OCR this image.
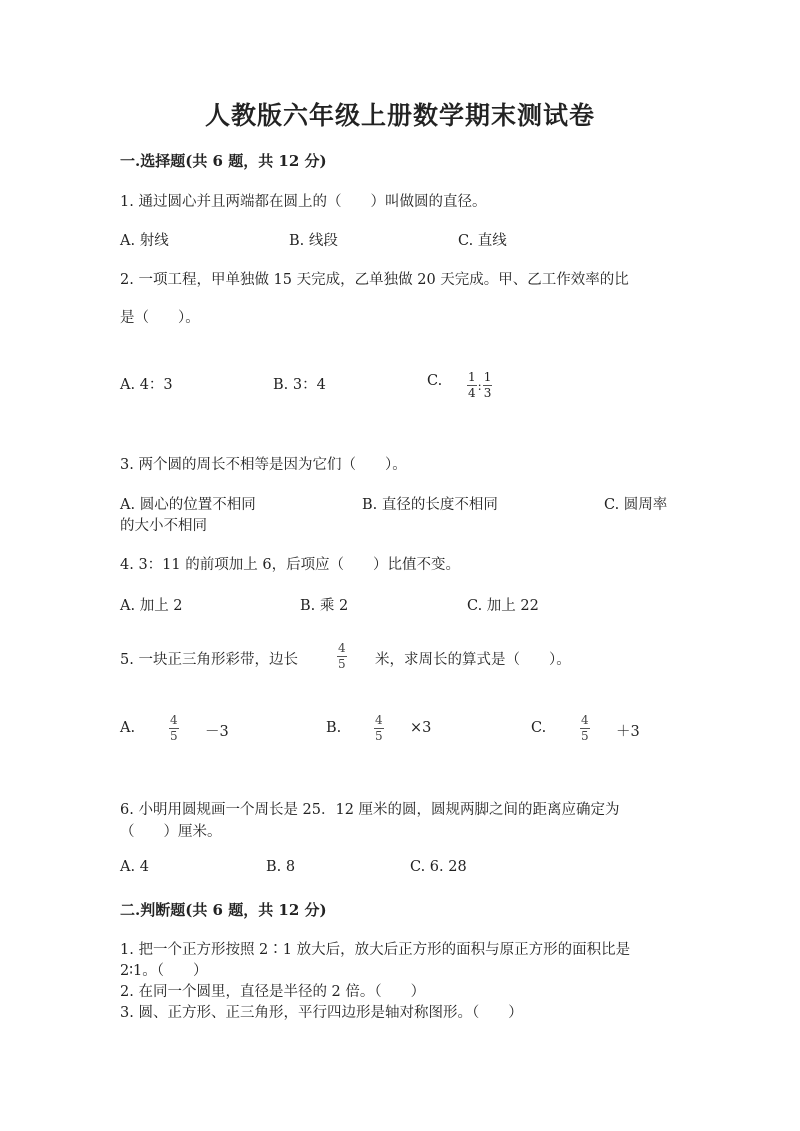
人教版六年级上册数学期末测试卷
一.选择题(共 6 题，共 12 分)
1. 通过圆心并且两端都在圆上的（　　）叫做圆的直径。
A. 射线	B. 线段	C. 直线
2. 一项工程，甲单独做 15 天完成，乙单独做 20 天完成。甲、乙工作效率的比
是（　　）。
A. 4：3	B. 3：4	C. $\frac{1}{4}$ : $\frac{1}{3}$
3. 两个圆的周长不相等是因为它们（　　）。
A. 圆心的位置不相同	B. 直径的长度不相同	C. 圆周率
的大小不相同
4. 3：11 的前项加上 6，后项应（　　）比值不变。
A. 加上 2	B. 乘 2	C. 加上 22
5. 一块正三角形彩带，边长	$\frac{4}{5}$ 米，求周长的算式是（　　）。
A.	$\frac{4}{5} -3$	B.	$\frac{4}{5} \times 3$	C.	$\frac{4}{5} +3$
6. 小明用圆规画一个周长是 25．12 厘米的圆，圆规两脚之间的距离应确定为
（　　）厘米。
A. 4	B. 8	C. 6. 28
二.判断题(共 6 题，共 12 分)
1. 把一个正方形按照 2∶1 放大后，放大后正方形的面积与原正方形的面积比是
2∶1。（　　）
2. 在同一个圆里，直径是半径的 2 倍。（　　）
3. 圆、正方形、正三角形，平行四边形是轴对称图形。（　　）
